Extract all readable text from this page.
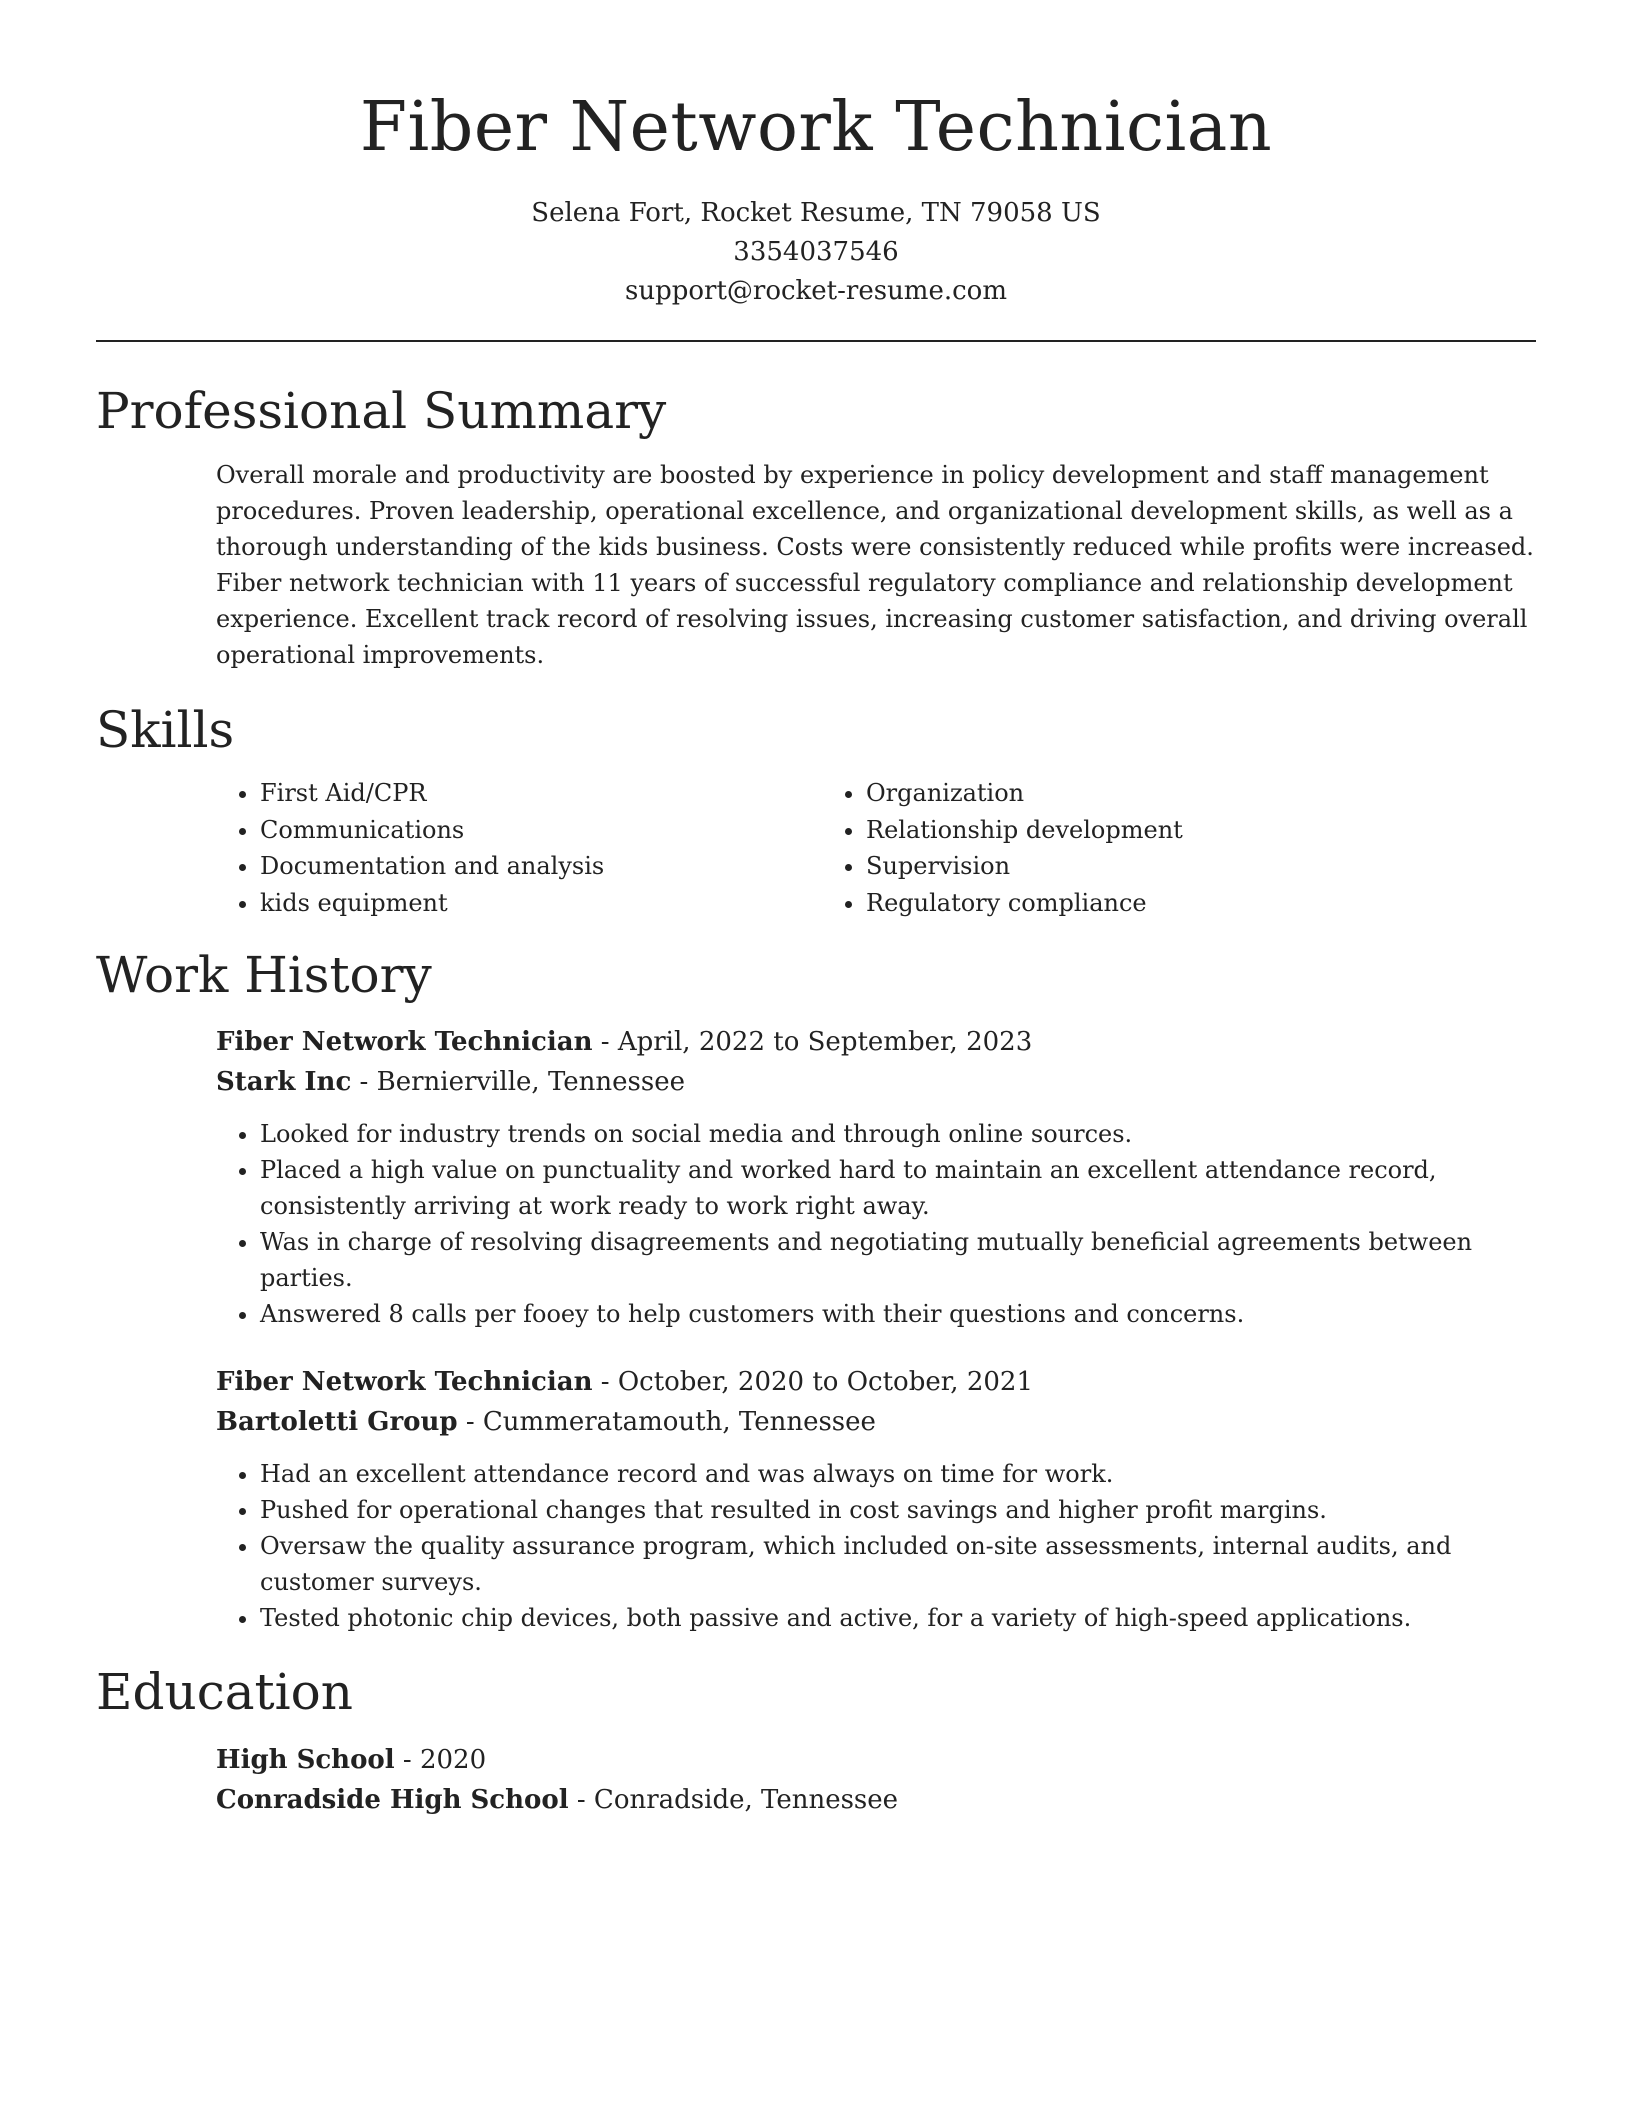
Fiber Network Technician
Selena Fort, Rocket Resume, TN 79058 US
3354037546
support@rocket-resume.com
Professional Summary

Overall morale and productivity are boosted by experience in policy development and staff management procedures. Proven leadership, operational excellence, and organizational development skills, as well as a thorough understanding of the kids business. Costs were consistently reduced while profits were increased. Fiber network technician with 11 years of successful regulatory compliance and relationship development experience. Excellent track record of resolving issues, increasing customer satisfaction, and driving overall operational improvements.

Skills
• First Aid/CPR
• Communications
• Documentation and analysis
• kids equipment
• Organization
• Relationship development
• Supervision
• Regulatory compliance
Work History
Fiber Network Technician - April, 2022 to September, 2023
Stark Inc - Bernierville, Tennessee
• Looked for industry trends on social media and through online sources.
• Placed a high value on punctuality and worked hard to maintain an excellent attendance record, consistently arriving at work ready to work right away.
• Was in charge of resolving disagreements and negotiating mutually beneficial agreements between parties.
• Answered 8 calls per fooey to help customers with their questions and concerns.
Fiber Network Technician - October, 2020 to October, 2021
Bartoletti Group - Cummeratamouth, Tennessee
• Had an excellent attendance record and was always on time for work.
• Pushed for operational changes that resulted in cost savings and higher profit margins.
• Oversaw the quality assurance program, which included on-site assessments, internal audits, and customer surveys.
• Tested photonic chip devices, both passive and active, for a variety of high-speed applications.
Education
High School - 2020
Conradside High School - Conradside, Tennessee
